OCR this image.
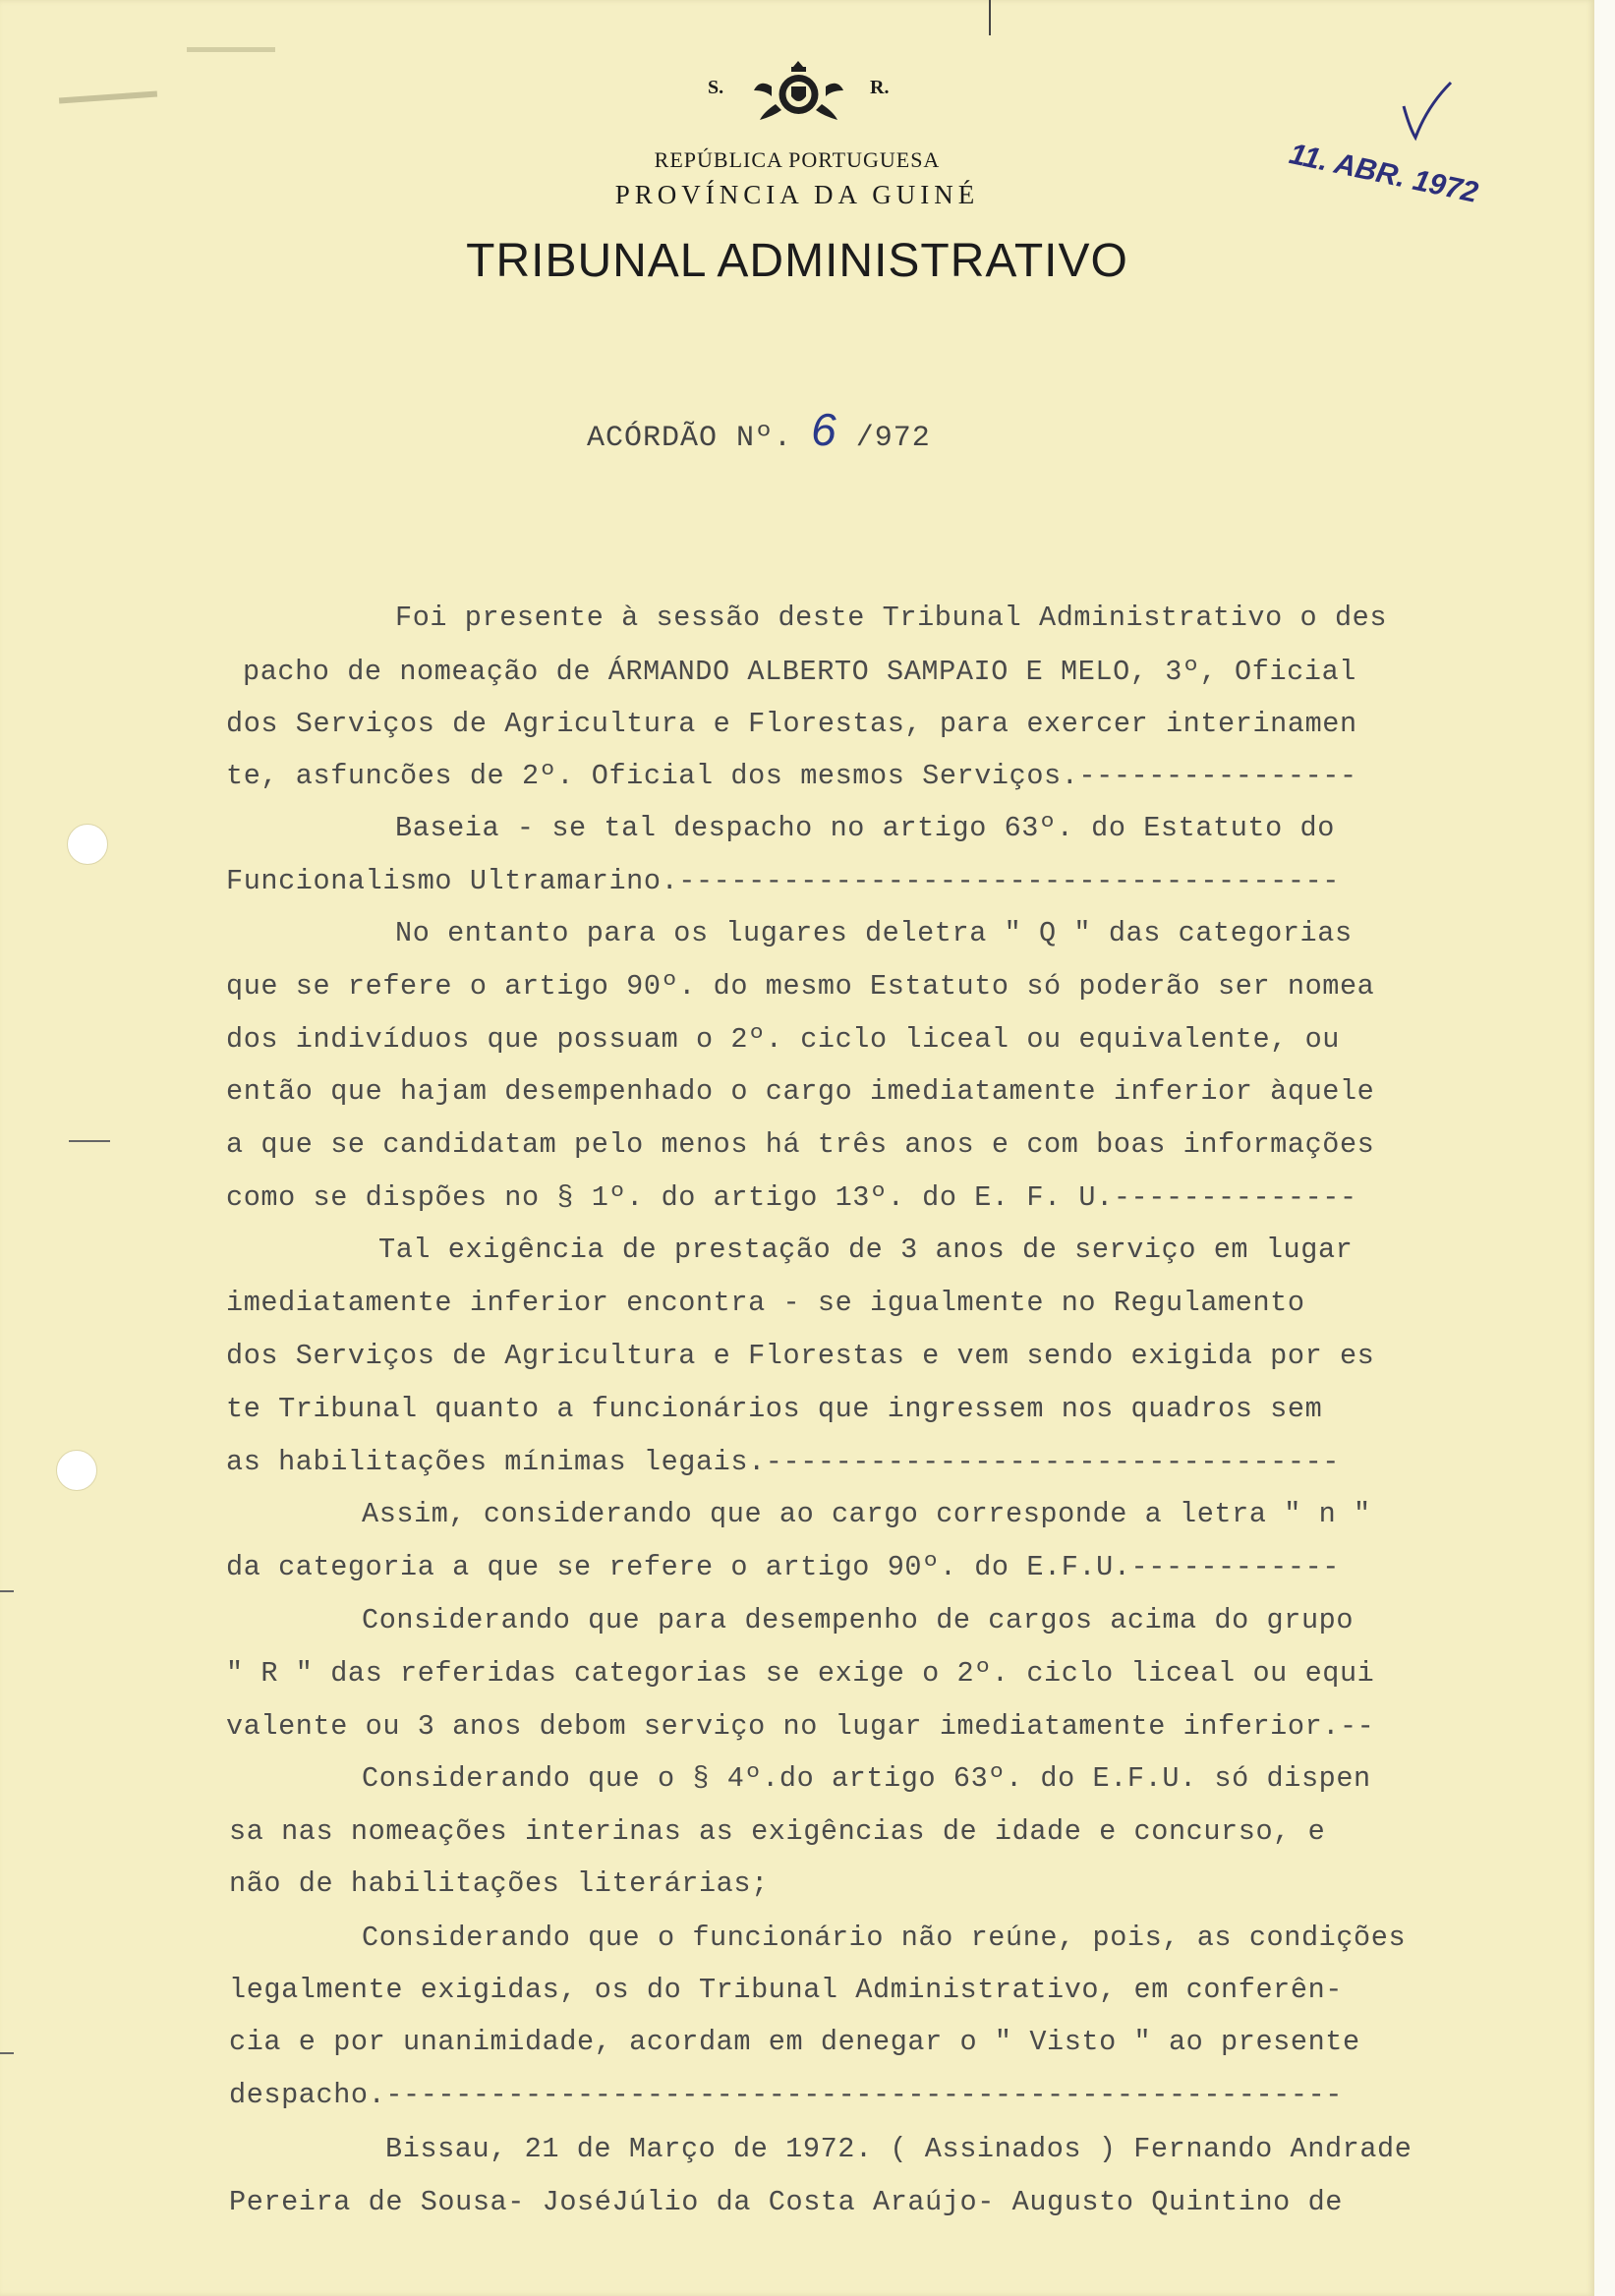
S.	R.
REPÚBLICA PORTUGUESA
PROVÍNCIA DA GUINÉ
TRIBUNAL ADMINISTRATIVO
ACÓRDÃO Nº. 6 /972
11. ABR. 1972
Foi presente à sessão deste Tribunal Administrativo o des
pacho de nomeação de ÁRMANDO ALBERTO SAMPAIO E MELO, 3º, Oficial
dos Serviços de Agricultura e Florestas, para exercer interinamen
te, asfuncões de 2º. Oficial dos mesmos Serviços.----------------
Baseia - se tal despacho no artigo 63º. do Estatuto do
Funcionalismo Ultramarino.--------------------------------------
No entanto para os lugares deletra " Q " das categorias
que se refere o artigo 90º. do mesmo Estatuto só poderão ser nomea
dos indivíduos que possuam o 2º. ciclo liceal ou equivalente, ou
então que hajam desempenhado o cargo imediatamente inferior àquele
a que se candidatam pelo menos há três anos e com boas informações
como se dispões no § 1º. do artigo 13º. do E. F. U.--------------
Tal exigência de prestação de 3 anos de serviço em lugar
imediatamente inferior encontra - se igualmente no Regulamento
dos Serviços de Agricultura e Florestas e vem sendo exigida por es
te Tribunal quanto a funcionários que ingressem nos quadros sem
as habilitações mínimas legais.---------------------------------
Assim, considerando que ao cargo corresponde a letra " n "
da categoria a que se refere o artigo 90º. do E.F.U.------------
Considerando que para desempenho de cargos acima do grupo
" R " das referidas categorias se exige o 2º. ciclo liceal ou equi
valente ou 3 anos debom serviço no lugar imediatamente inferior.--
Considerando que o § 4º.do artigo 63º. do E.F.U. só dispen
sa nas nomeações interinas as exigências de idade e concurso, e
não de habilitações literárias;
Considerando que o funcionário não reúne, pois, as condições
legalmente exigidas, os do Tribunal Administrativo, em conferên-
cia e por unanimidade, acordam em denegar o " Visto " ao presente
despacho.-------------------------------------------------------
Bissau, 21 de Março de 1972. ( Assinados ) Fernando Andrade
Pereira de Sousa- JoséJúlio da Costa Araújo- Augusto Quintino de
